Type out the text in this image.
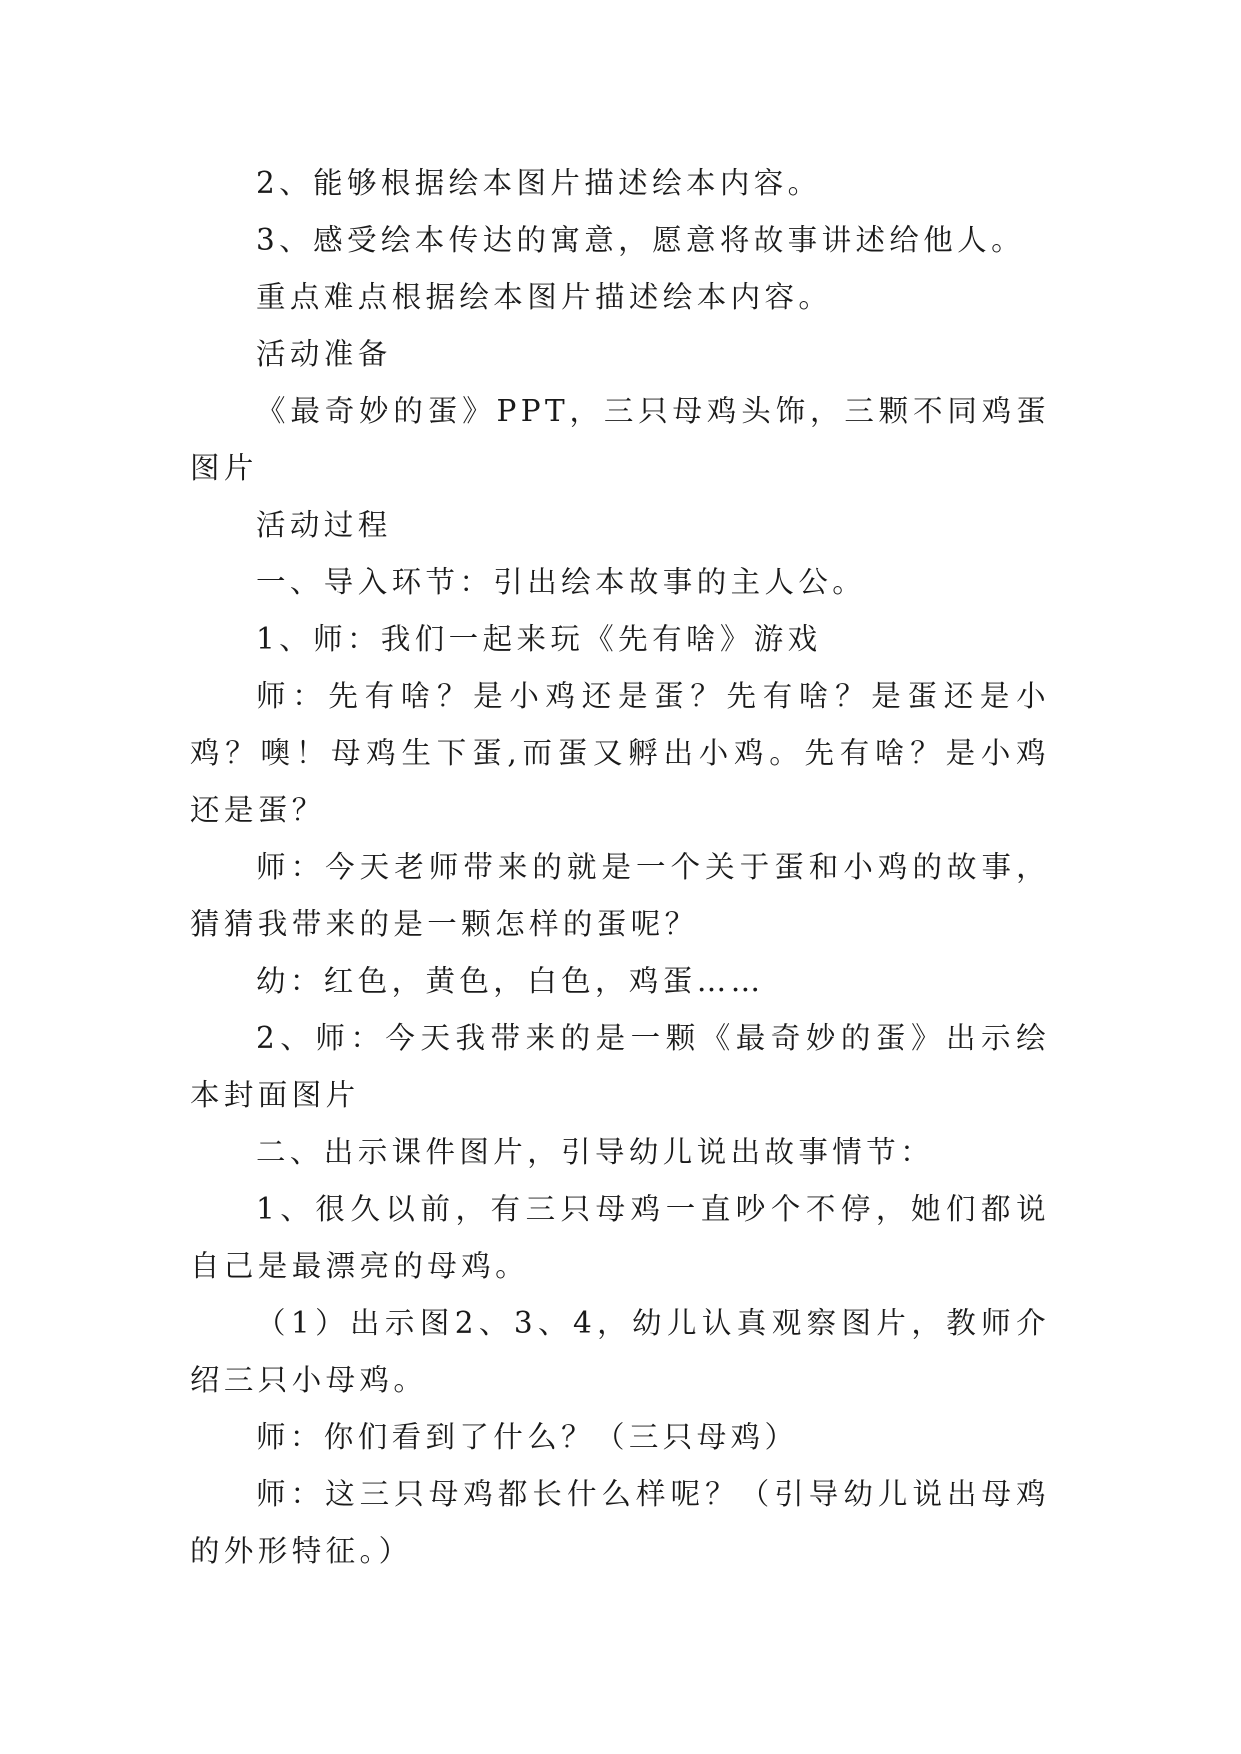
2、能够根据绘本图片描述绘本内容。

3、感受绘本传达的寓意，愿意将故事讲述给他人。

重点难点根据绘本图片描述绘本内容。

活动准备

《最奇妙的蛋》PPT，三只母鸡头饰，三颗不同鸡蛋图片

活动过程

一、导入环节：引出绘本故事的主人公。

1、师：我们一起来玩《先有啥》游戏

师：先有啥？是小鸡还是蛋？先有啥？是蛋还是小鸡？噢！母鸡生下蛋,而蛋又孵出小鸡。先有啥？是小鸡还是蛋？

师：今天老师带来的就是一个关于蛋和小鸡的故事，猜猜我带来的是一颗怎样的蛋呢？

幼：红色，黄色，白色，鸡蛋……

2、师：今天我带来的是一颗《最奇妙的蛋》出示绘本封面图片

二、出示课件图片，引导幼儿说出故事情节：

1、很久以前，有三只母鸡一直吵个不停，她们都说自己是最漂亮的母鸡。

（1）出示图2、3、4，幼儿认真观察图片，教师介绍三只小母鸡。

师：你们看到了什么？（三只母鸡）

师：这三只母鸡都长什么样呢？（引导幼儿说出母鸡的外形特征。）
